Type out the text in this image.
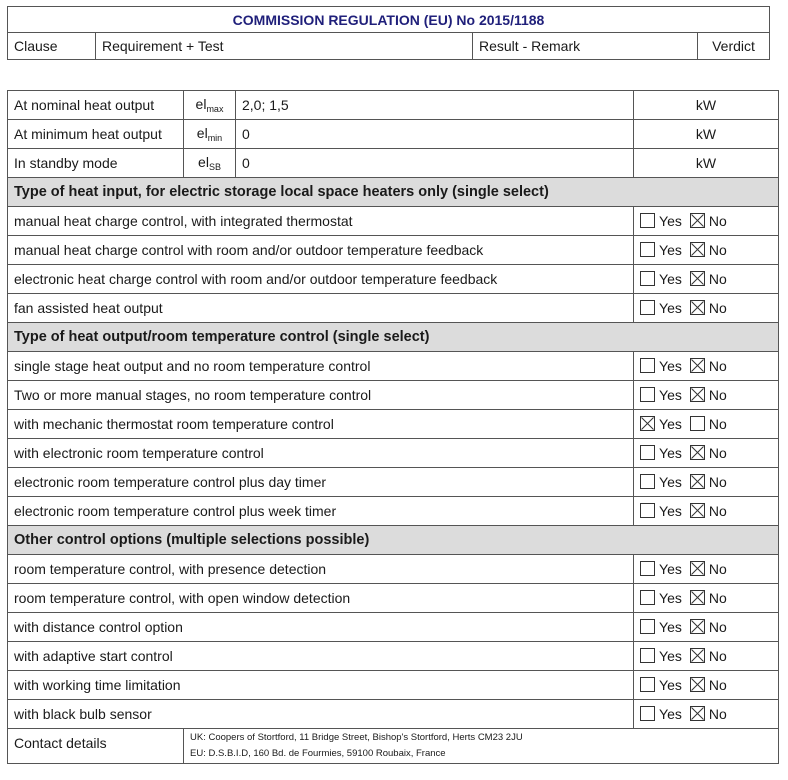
COMMISSION REGULATION (EU) No 2015/1188
Clause	Requirement + Test	Result - Remark	Verdict
At nominal heat output	$el_{max}$	2,0; 1,5	kW
At minimum heat output	$el_{min}$	0	kW
In standby mode	$el_{SB}$	0	kW
Type of heat input, for electric storage local space heaters only (single select)			
manual heat charge control, with integrated thermostat			Yes No
manual heat charge control with room and/or outdoor temperature feedback			Yes No
electronic heat charge control with room and/or outdoor temperature feedback			Yes No
fan assisted heat output			Yes No
Type of heat output/room temperature control (single select)			
single stage heat output and no room temperature control			Yes No
Two or more manual stages, no room temperature control			Yes No
with mechanic thermostat room temperature control			Yes No
with electronic room temperature control			Yes No
electronic room temperature control plus day timer			Yes No
electronic room temperature control plus week timer			Yes No
Other control options (multiple selections possible)			
room temperature control, with presence detection			Yes No
room temperature control, with open window detection			Yes No
with distance control option			Yes No
with adaptive start control			Yes No
with working time limitation			Yes No
with black bulb sensor			Yes No
Contact details	UK: Coopers of Stortford, 11 Bridge Street, Bishop's Stortford, Herts CM23 2JU
EU: D.S.B.I.D, 160 Bd. de Fourmies, 59100 Roubaix, France		
